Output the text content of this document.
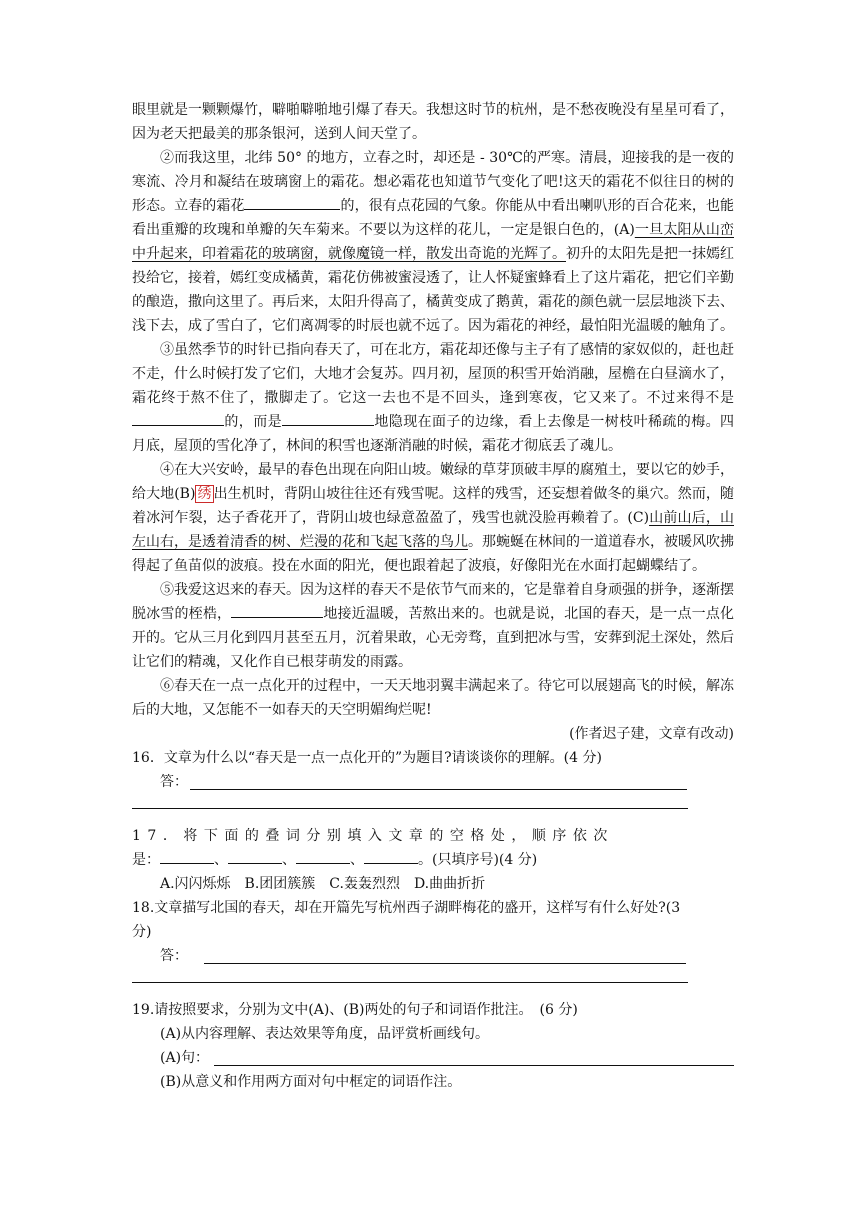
眼里就是一颗颗爆竹，噼啪噼啪地引爆了春天。我想这时节的杭州，是不愁夜晚没有星星可看了，因为老天把最美的那条银河，送到人间天堂了。

②而我这里，北纬 50° 的地方，立春之时，却还是 - 30℃的严寒。清晨，迎接我的是一夜的寒流、冷月和凝结在玻璃窗上的霜花。想必霜花也知道节气变化了吧!这天的霜花不似往日的树的形态。立春的霜花	的，很有点花园的气象。你能从中看出喇叭形的百合花来，也能看出重瓣的玫瑰和单瓣的矢车菊来。不要以为这样的花儿，一定是银白色的，(A)一旦太阳从山峦中升起来，印着霜花的玻璃窗，就像魔镜一样，散发出奇诡的光辉了。初升的太阳先是把一抹嫣红投给它，接着，嫣红变成橘黄，霜花仿佛被蜜浸透了，让人怀疑蜜蜂看上了这片霜花，把它们辛勤的酿造，撒向这里了。再后来，太阳升得高了，橘黄变成了鹅黄，霜花的颜色就一层层地淡下去、浅下去，成了雪白了，它们离凋零的时辰也就不远了。因为霜花的神经，最怕阳光温暖的触角了。

③虽然季节的时针已指向春天了，可在北方，霜花却还像与主子有了感情的家奴似的，赶也赶不走，什么时候打发了它们，大地才会复苏。四月初，屋顶的积雪开始消融，屋檐在白昼滴水了，霜花终于熬不住了，撒脚走了。它这一去也不是不回头，逢到寒夜，它又来了。不过来得不是的，而是	地隐现在面子的边缘，看上去像是一树枝叶稀疏的梅。四月底，屋顶的雪化净了，林间的积雪也逐渐消融的时候，霜花才彻底丢了魂儿。

④在大兴安岭，最早的春色出现在向阳山坡。嫩绿的草芽顶破丰厚的腐殖土，要以它的妙手，给大地(B) 绣 出生机时，背阴山坡往往还有残雪呢。这样的残雪，还妄想着做冬的巢穴。然而，随着冰河乍裂，达子香花开了，背阴山坡也绿意盈盈了，残雪也就没脸再赖着了。(C)山前山后，山左山右，是透着清香的树、烂漫的花和飞起飞落的鸟儿。那蜿蜒在林间的一道道春水，被暖风吹拂得起了鱼苗似的波痕。投在水面的阳光，便也跟着起了波痕，好像阳光在水面打起蝴蝶结了。

⑤我爱这迟来的春天。因为这样的春天不是依节气而来的，它是靠着自身顽强的拼争，逐渐摆脱冰雪的桎梏，	地接近温暖，苦熬出来的。也就是说，北国的春天，是一点一点化开的。它从三月化到四月甚至五月，沉着果敢，心无旁骛，直到把冰与雪，安葬到泥土深处，然后让它们的精魂，又化作自已根芽萌发的雨露。

⑥春天在一点一点化开的过程中，一天天地羽翼丰满起来了。待它可以展翅高飞的时候，解冻后的大地，又怎能不一如春天的天空明媚绚烂呢!

(作者迟子建，文章有改动)

16．文章为什么以“春天是一点一点化开的”为题目?请谈谈你的理解。(4 分)

答：

17．将下面的叠词分别填入文章的空格处，顺序依次

是：	、	、	、	。(只填序号)(4 分)

A.闪闪烁烁　B.团团簇簇　C.轰轰烈烈　D.曲曲折折

18.文章描写北国的春天，却在开篇先写杭州西子湖畔梅花的盛开，这样写有什么好处?(3

分)

答：

19.请按照要求，分别为文中(A)、(B)两处的句子和词语作批注。　(6 分)

(A)从内容理解、表达效果等角度，品评赏析画线句。

(A)句：

(B)从意义和作用两方面对句中框定的词语作注。
